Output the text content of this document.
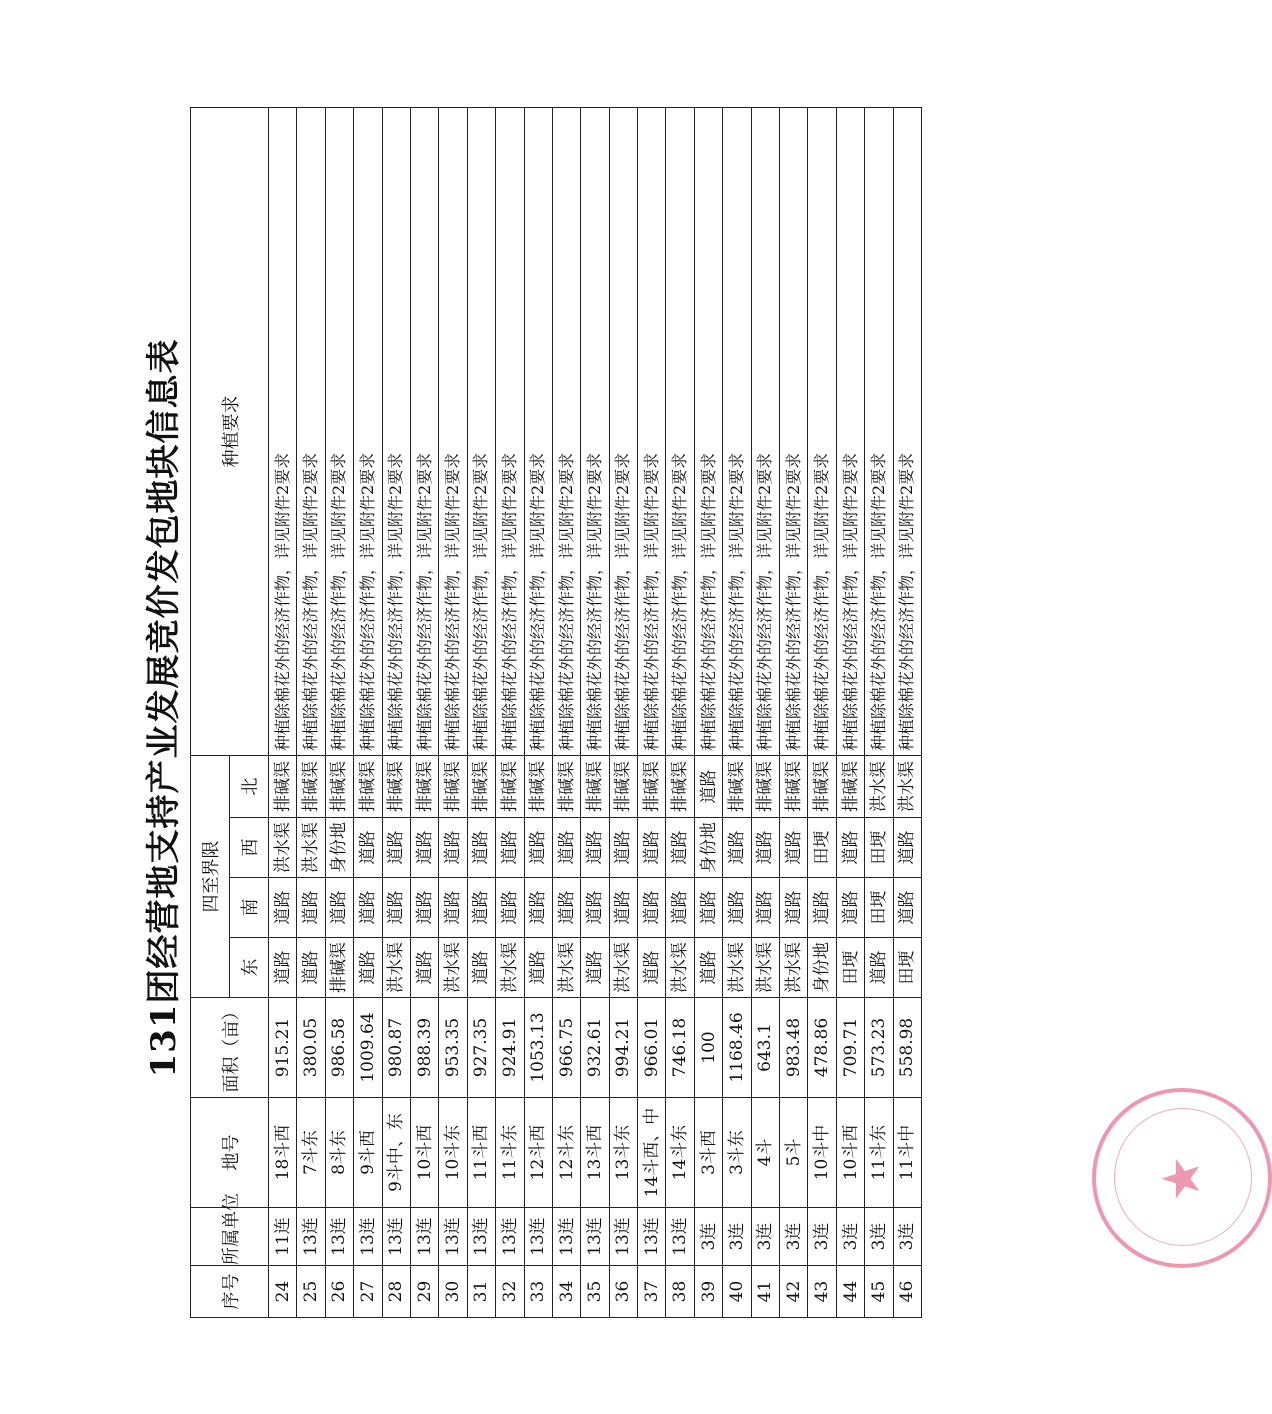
131团经营地支持产业发展竞价发包地块信息表
序号	所属单位	地号	面积（亩）	四至界限				种植要求
				东	南	西	北	
24	11连	18斗西	915.21	道路	道路	洪水渠	排碱渠	种植除棉花外的经济作物，详见附件2要求
25	13连	7斗东	380.05	道路	道路	洪水渠	排碱渠	种植除棉花外的经济作物，详见附件2要求
26	13连	8斗东	986.58	排碱渠	道路	身份地	排碱渠	种植除棉花外的经济作物，详见附件2要求
27	13连	9斗西	1009.64	道路	道路	道路	排碱渠	种植除棉花外的经济作物，详见附件2要求
28	13连	9斗中、东	980.87	洪水渠	道路	道路	排碱渠	种植除棉花外的经济作物，详见附件2要求
29	13连	10斗西	988.39	道路	道路	道路	排碱渠	种植除棉花外的经济作物，详见附件2要求
30	13连	10斗东	953.35	洪水渠	道路	道路	排碱渠	种植除棉花外的经济作物，详见附件2要求
31	13连	11斗西	927.35	道路	道路	道路	排碱渠	种植除棉花外的经济作物，详见附件2要求
32	13连	11斗东	924.91	洪水渠	道路	道路	排碱渠	种植除棉花外的经济作物，详见附件2要求
33	13连	12斗西	1053.13	道路	道路	道路	排碱渠	种植除棉花外的经济作物，详见附件2要求
34	13连	12斗东	966.75	洪水渠	道路	道路	排碱渠	种植除棉花外的经济作物，详见附件2要求
35	13连	13斗西	932.61	道路	道路	道路	排碱渠	种植除棉花外的经济作物，详见附件2要求
36	13连	13斗东	994.21	洪水渠	道路	道路	排碱渠	种植除棉花外的经济作物，详见附件2要求
37	13连	14斗西、中	966.01	道路	道路	道路	排碱渠	种植除棉花外的经济作物，详见附件2要求
38	13连	14斗东	746.18	洪水渠	道路	道路	排碱渠	种植除棉花外的经济作物，详见附件2要求
39	3连	3斗西	100	道路	道路	身份地	道路	种植除棉花外的经济作物，详见附件2要求
40	3连	3斗东	1168.46	洪水渠	道路	道路	排碱渠	种植除棉花外的经济作物，详见附件2要求
41	3连	4斗	643.1	洪水渠	道路	道路	排碱渠	种植除棉花外的经济作物，详见附件2要求
42	3连	5斗	983.48	洪水渠	道路	道路	排碱渠	种植除棉花外的经济作物，详见附件2要求
43	3连	10斗中	478.86	身份地	道路	田埂	排碱渠	种植除棉花外的经济作物，详见附件2要求
44	3连	10斗西	709.71	田埂	道路	道路	排碱渠	种植除棉花外的经济作物，详见附件2要求
45	3连	11斗东	573.23	道路	田埂	田埂	洪水渠	种植除棉花外的经济作物，详见附件2要求
46	3连	11斗中	558.98	田埂	道路	道路	洪水渠	种植除棉花外的经济作物，详见附件2要求
★
